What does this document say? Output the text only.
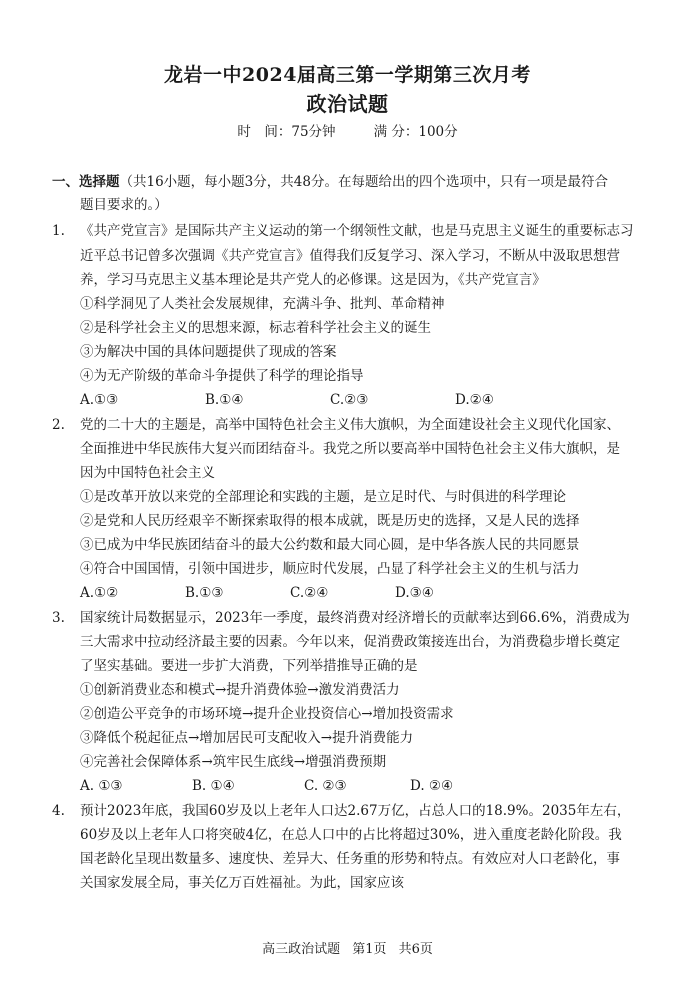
龙岩一中2024届高三第一学期第三次月考
政治试题
时　间：75分钟	满 分：100分
一、选择题（共16小题，每小题3分，共48分。在每题给出的四个选项中，只有一项是最符合
题目要求的。）
1. 《共产党宣言》是国际共产主义运动的第一个纲领性文献，也是马克思主义诞生的重要标志习
近平总书记曾多次强调《共产党宣言》值得我们反复学习、深入学习，不断从中汲取思想营
养，学习马克思主义基本理论是共产党人的必修课。这是因为，《共产党宣言》
①科学洞见了人类社会发展规律，充满斗争、批判、革命精神
②是科学社会主义的思想来源，标志着科学社会主义的诞生
③为解决中国的具体问题提供了现成的答案
④为无产阶级的革命斗争提供了科学的理论指导
A.①③	B.①④	C.②③	D.②④
2. 党的二十大的主题是，高举中国特色社会主义伟大旗帜，为全面建设社会主义现代化国家、
全面推进中华民族伟大复兴而团结奋斗。我党之所以要高举中国特色社会主义伟大旗帜，是
因为中国特色社会主义
①是改革开放以来党的全部理论和实践的主题，是立足时代、与时俱进的科学理论
②是党和人民历经艰辛不断探索取得的根本成就，既是历史的选择，又是人民的选择
③已成为中华民族团结奋斗的最大公约数和最大同心圆，是中华各族人民的共同愿景
④符合中国国情，引领中国进步，顺应时代发展，凸显了科学社会主义的生机与活力
A.①②	B.①③	C.②④	D.③④
3. 国家统计局数据显示，2023年一季度，最终消费对经济增长的贡献率达到66.6%，消费成为
三大需求中拉动经济最主要的因素。今年以来，促消费政策接连出台，为消费稳步增长奠定
了坚实基础。要进一步扩大消费，下列举措推导正确的是
①创新消费业态和模式→提升消费体验→激发消费活力
②创造公平竞争的市场环境→提升企业投资信心→增加投资需求
③降低个税起征点→增加居民可支配收入→提升消费能力
④完善社会保障体系→筑牢民生底线→增强消费预期
A. ①③	B. ①④	C. ②③	D. ②④
4. 预计2023年底，我国60岁及以上老年人口达2.67万亿，占总人口的18.9%。2035年左右，
60岁及以上老年人口将突破4亿，在总人口中的占比将超过30%，进入重度老龄化阶段。我
国老龄化呈现出数量多、速度快、差异大、任务重的形势和特点。有效应对人口老龄化，事
关国家发展全局，事关亿万百姓福祉。为此，国家应该
高三政治试题 第1页 共6页
